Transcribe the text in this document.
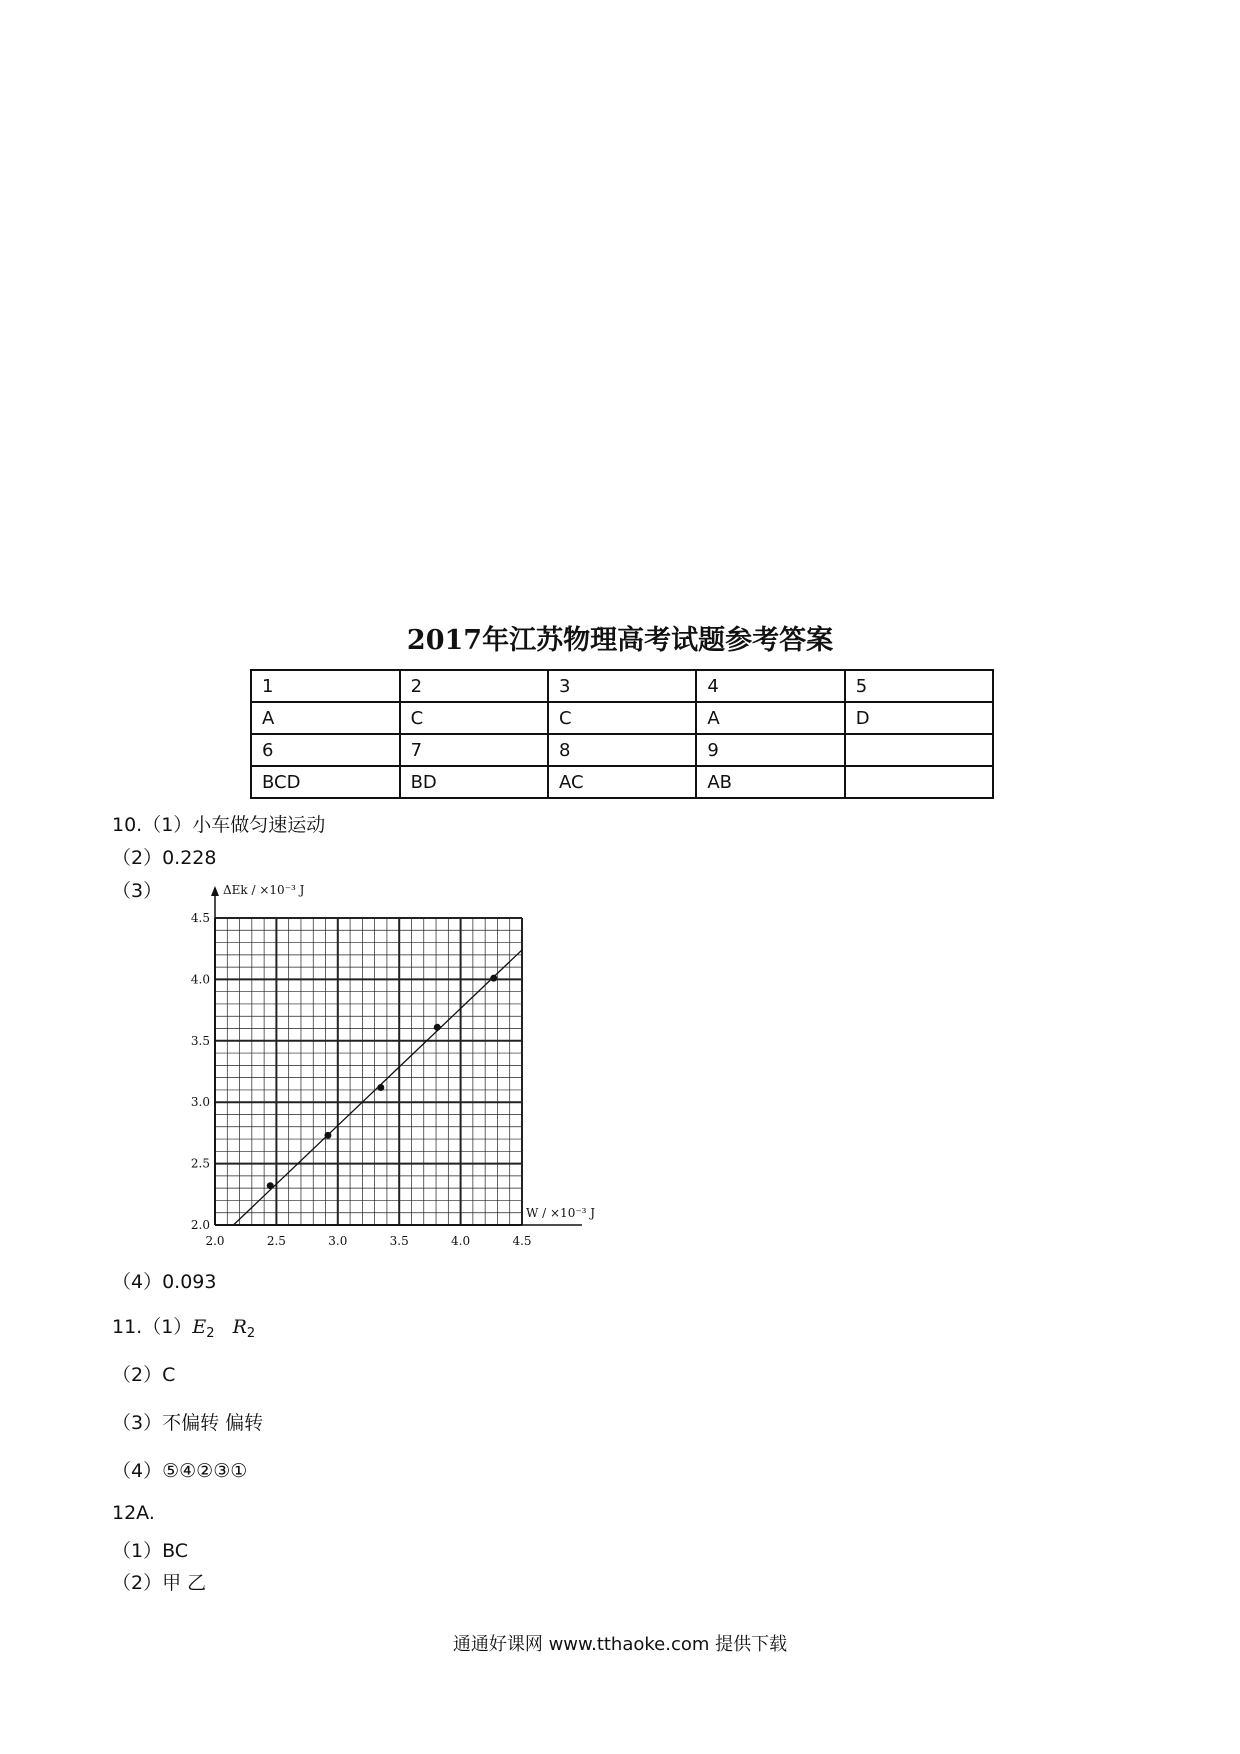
2017年江苏物理高考试题参考答案
1	2	3	4	5
A	C	C	A	D
6	7	8	9	
BCD	BD	AC	AB	
10.（1）小车做匀速运动
（2）0.228
（3）
2.0	2.5	3.0	3.5	4.0	4.5
2.0
2.5
3.0
3.5
4.0
4.5
ΔEk / ×10⁻³ J
W / ×10⁻³ J
（4）0.093
$11.(1)E_2$ $R_2$
（2）C
（3）不偏转 偏转
（4）⑤④②③①
12A.
（1）BC
（2）甲 乙
通通好课网 www.tthaoke.com 提供下载
